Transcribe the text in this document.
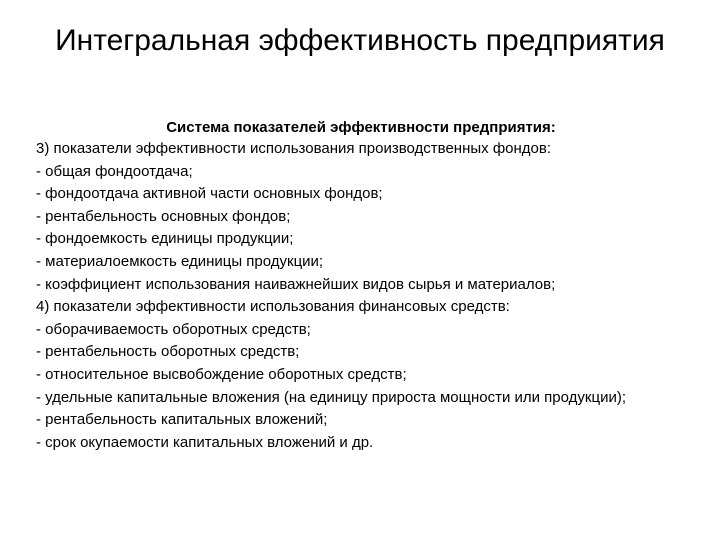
Интегральная эффективность предприятия

Система показателей эффективности предприятия:

3) показатели эффективности использования производственных фондов:
- общая фондоотдача;
- фондоотдача активной части основных фондов;
- рентабельность основных фондов;
- фондоемкость единицы продукции;
- материалоемкость единицы продукции;
- коэффициент использования наиважнейших видов сырья и материалов;
4) показатели эффективности использования финансовых средств:
- оборачиваемость оборотных средств;
- рентабельность оборотных средств;
- относительное высвобождение оборотных средств;
- удельные капитальные вложения (на единицу прироста мощности или продукции);
- рентабельность капитальных вложений;
- срок окупаемости капитальных вложений и др.
